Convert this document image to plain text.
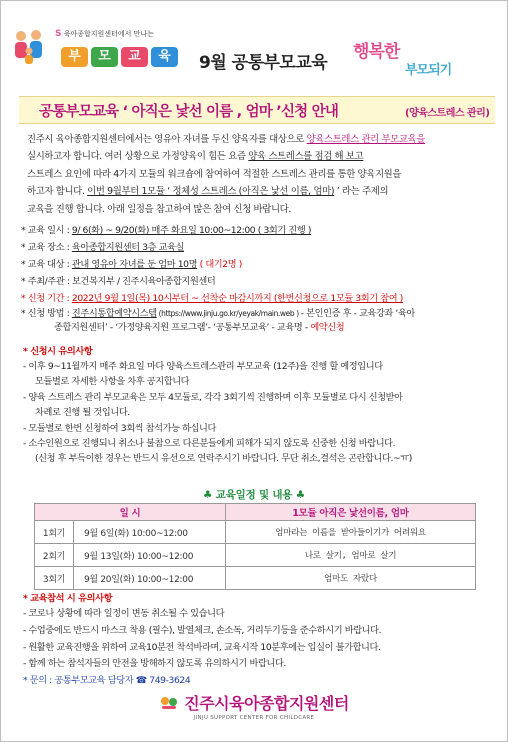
S 육아종합지원센터에서 만나는
부	모	교	육	9월 공통부모교육
행복한
부모되기
공통부모교육 ‘ 아직은 낯선 이름 , 엄마 ’신청 안내	(양육스트레스 관리)
진주시 육아종합지원센터에서는 영유아 자녀를 두신 양육자를 대상으로 양육스트레스 관리 부모교육을
실시하고자 합니다. 여러 상황으로 가정양육이 힘든 요즘 양육 스트레스를 점검 해 보고
스트레스 요인에 따라 4가지 모듈의 워크숍에 참여하여 적절한 스트레스 관리를 통한 양육지원을
하고자 합니다. 이번 9월부터 1모듈 ‘ 정체성 스트레스 (아직은 낯선 이름, 엄마) ’ 라는 주제의
교육을 진행 합니다. 아래 일정을 참고하여 많은 참여 신청 바랍니다.
* 교육 일시 : 9/ 6(화) ~ 9/20(화) 매주 화요일 10:00~12:00 ( 3회기 진행 )
* 교육 장소 : 육아종합지원센터 3층 교육실
* 교육 대상 : 관내 영유아 자녀를 둔 엄마 10명 ( 대기2명 )
* 주최/주관 : 보건복지부 / 진주시육아종합지원센터
* 신청 기간 : 2022년 9월 1일(목) 10시부터 ~ 선착순 마감시까지 (한번신청으로 1모듈 3회기 참여 )
* 신청 방법 : 진주시통합예약시스템 (https://www.jinju.go.kr/yeyak/main.web ) - 본인인증 후 - 교육강좌 ‘육아
종합지원센터’ - ‘가정양육지원 프로그램’- ‘공통부모교육’ - 교육명 - 예약신청
* 신청시 유의사항
- 이후 9~11월까지 매주 화요일 마다 양육스트레스관리 부모교육 (12주)을 진행 할 예정입니다
모듈별로 자세한 사항을 차후 공지합니다
- 양육 스트레스 관리 부모교육은 모두 4모듈로, 각각 3회기씩 진행하며 이후 모듈별로 다시 신청받아
차례로 진행 될 것입니다.
- 모듈별로 한번 신청하여 3회씩 참석가능 하십니다
- 소수인원으로 진행되니 취소나 불참으로 다른분들에게 피해가 되지 않도록 신중한 신청 바랍니다.
(신청 후 부득이한 경우는 반드시 유선으로 연락주시기 바랍니다. 무단 취소,결석은 곤란합니다.~ㅠ)
♣ 교육일정 및 내용 ♣
일 시		1모듈 아직은 낯선이름, 엄마
1회기	9월 6일(화) 10:00~12:00	엄마라는 이름을 받아들이기가 어려워요
2회기	9월 13일(화) 10:00~12:00	나로 살기, 엄마로 살기
3회기	9월 20일(화) 10:00~12:00	엄마도 자랐다
* 교육참석 시 유의사항
- 코로나 상황에 따라 일정이 변동 취소될 수 있습니다
- 수업중에도 반드시 마스크 착용 (필수), 발열체크, 손소독, 거리두기등을 준수하시기 바랍니다.
- 원활한 교육진행을 위하여 교육10분전 착석바라며, 교육시작 10분후에는 입실이 불가합니다.
- 함께 하는 참석자들의 안전을 방해하지 않도록 유의하시기 바랍니다.
* 문의 : 공통부모교육 담당자 ☎ 749-3624
진주시육아종합지원센터
JINJU SUPPORT CENTER FOR CHILDCARE
